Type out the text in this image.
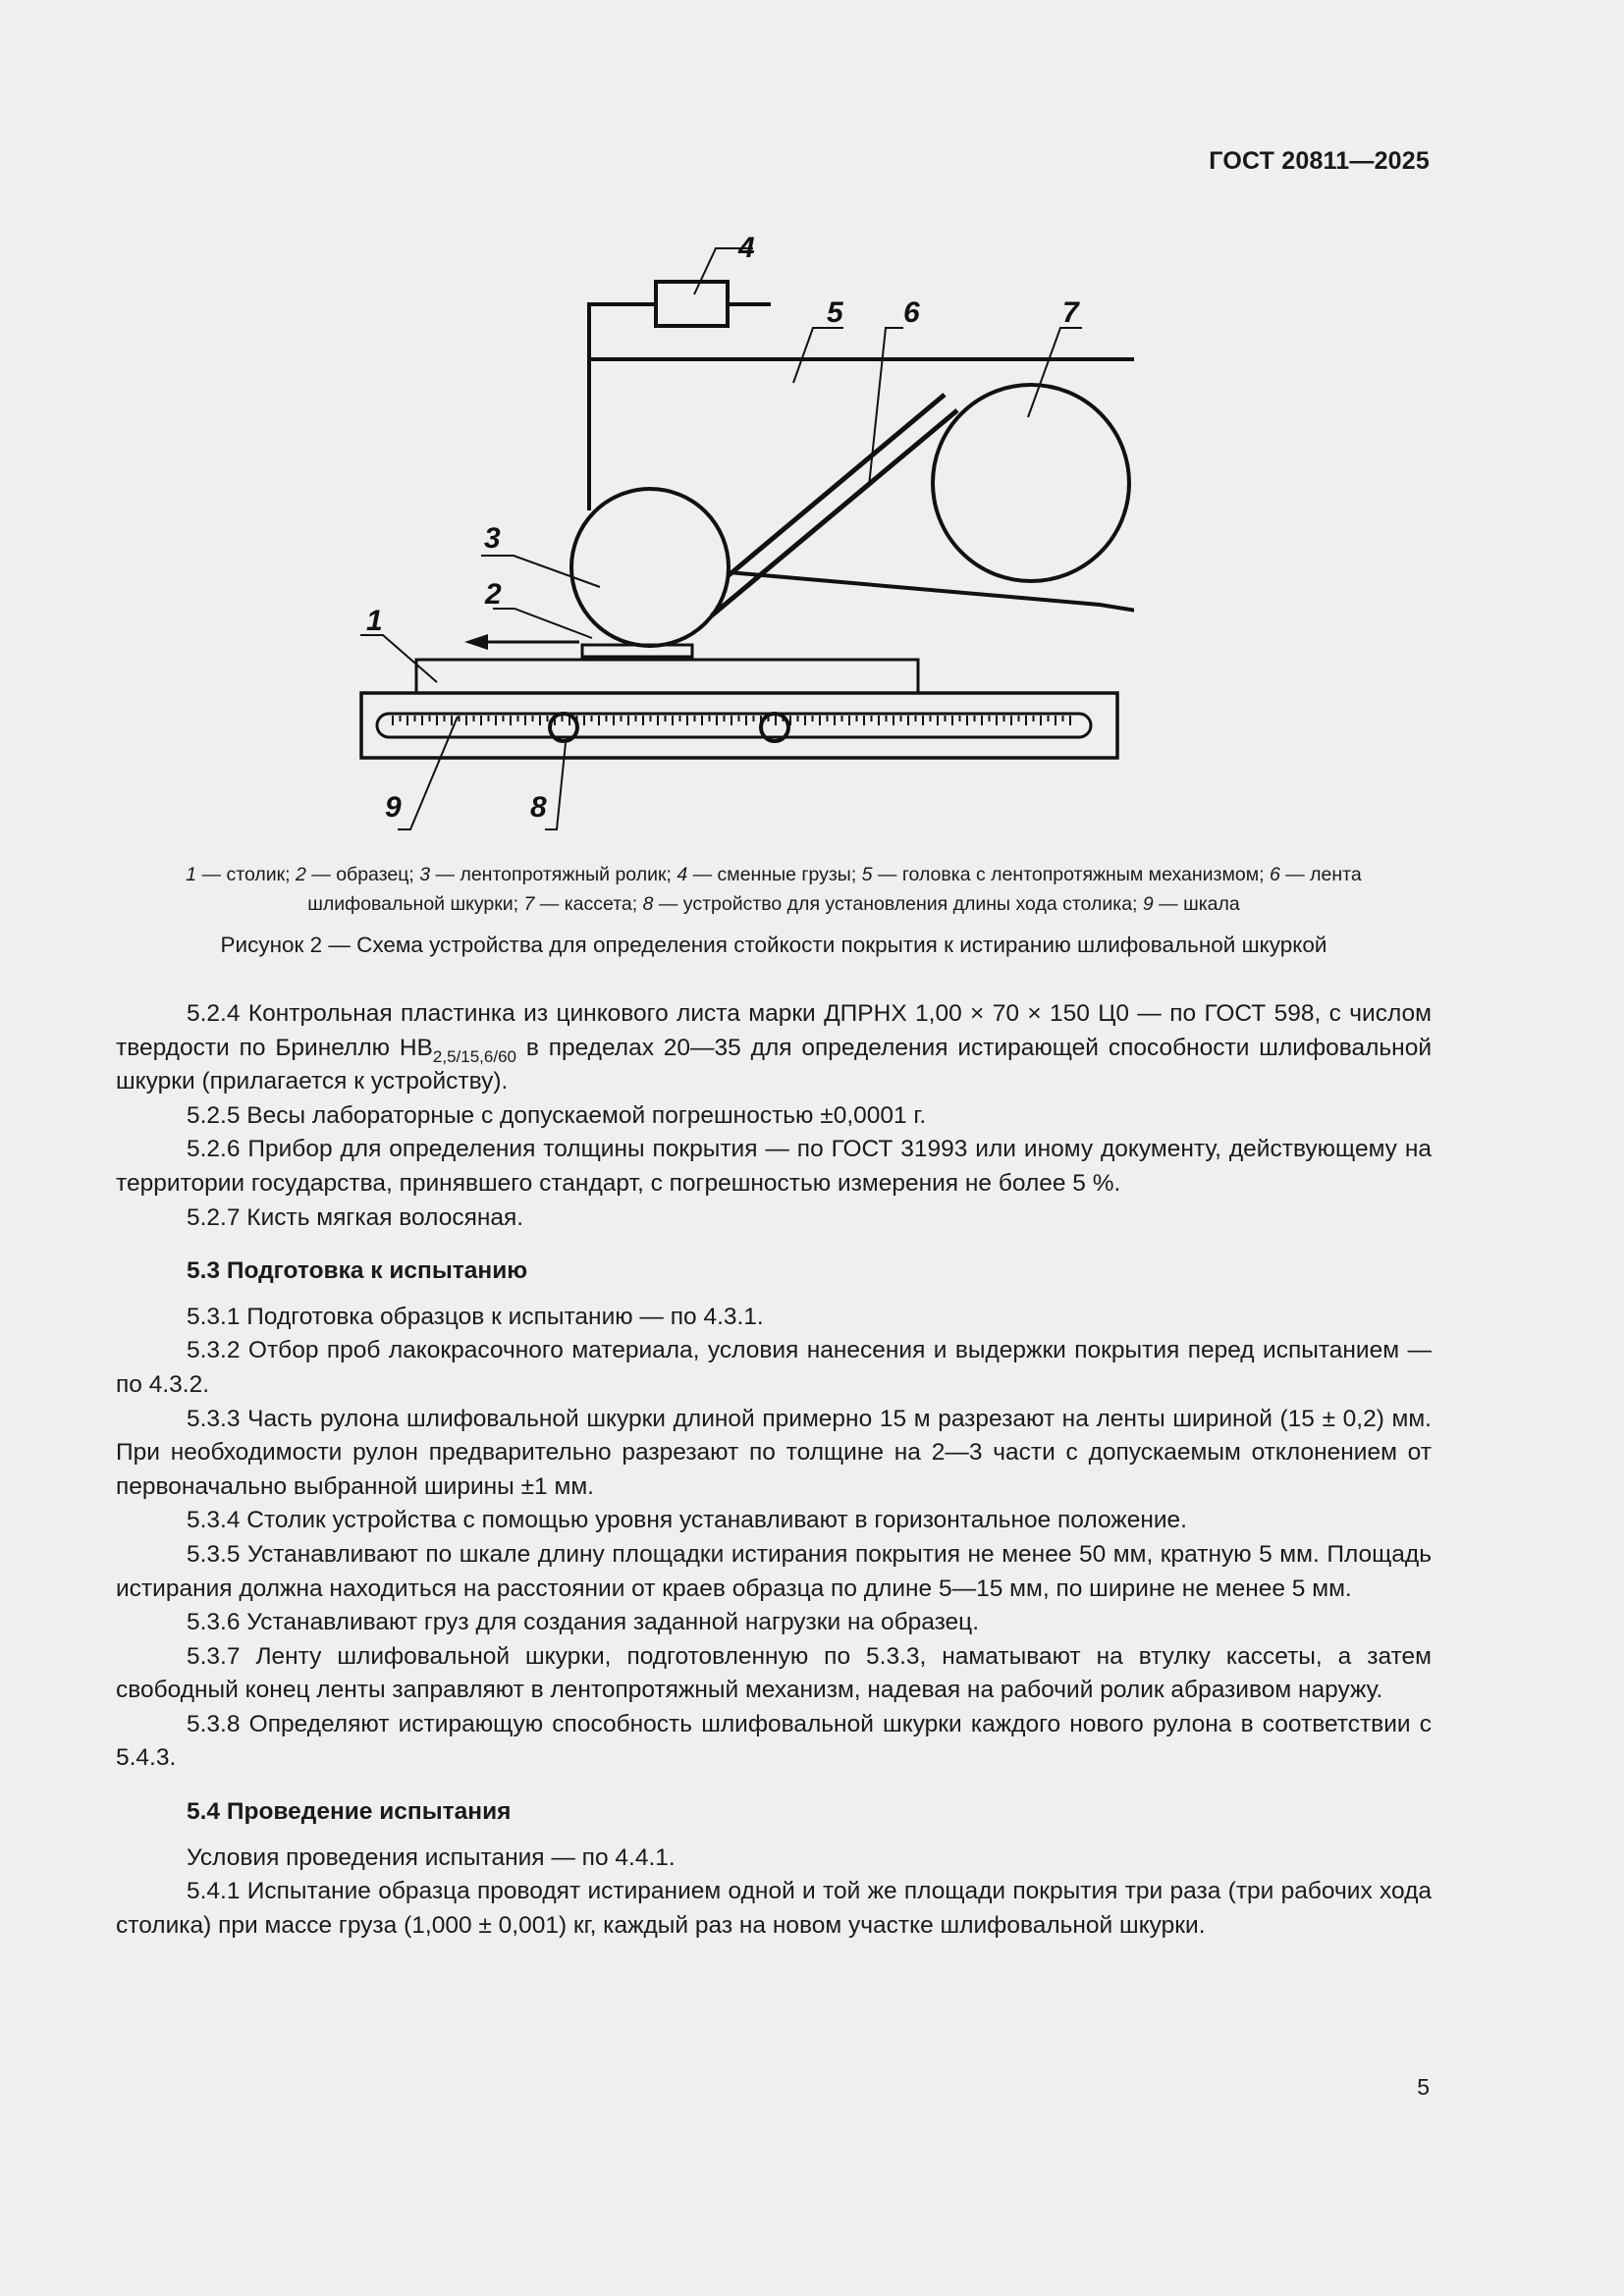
ГОСТ 20811—2025
4
5 6	7
3
2
1
9	8
1 — столик; 2 — образец; 3 — лентопротяжный ролик; 4 — сменные грузы; 5 — головка с лентопротяжным механизмом; 6 — лента шлифовальной шкурки; 7 — кассета; 8 — устройство для установления длины хода столика; 9 — шкала
Рисунок 2 — Схема устройства для определения стойкости покрытия к истиранию шлифовальной шкуркой

5.2.4 Контрольная пластинка из цинкового листа марки ДПРНХ 1,00 × 70 × 150 Ц0 — по ГОСТ 598, с числом твердости по Бринеллю $НВ_{2,5/15,6/60}$ в пределах 20—35 для определения истирающей способности шлифовальной шкурки (прилагается к устройству).

5.2.5 Весы лабораторные с допускаемой погрешностью ±0,0001 г.

5.2.6 Прибор для определения толщины покрытия — по ГОСТ 31993 или иному документу, действующему на территории государства, принявшего стандарт, с погрешностью измерения не более 5 %.

5.2.7 Кисть мягкая волосяная.

5.3 Подготовка к испытанию

5.3.1 Подготовка образцов к испытанию — по 4.3.1.

5.3.2 Отбор проб лакокрасочного материала, условия нанесения и выдержки покрытия перед испытанием — по 4.3.2.

5.3.3 Часть рулона шлифовальной шкурки длиной примерно 15 м разрезают на ленты шириной (15 ± 0,2) мм. При необходимости рулон предварительно разрезают по толщине на 2—3 части с допускаемым отклонением от первоначально выбранной ширины ±1 мм.

5.3.4 Столик устройства с помощью уровня устанавливают в горизонтальное положение.

5.3.5 Устанавливают по шкале длину площадки истирания покрытия не менее 50 мм, кратную 5 мм. Площадь истирания должна находиться на расстоянии от краев образца по длине 5—15 мм, по ширине не менее 5 мм.

5.3.6 Устанавливают груз для создания заданной нагрузки на образец.

5.3.7 Ленту шлифовальной шкурки, подготовленную по 5.3.3, наматывают на втулку кассеты, а затем свободный конец ленты заправляют в лентопротяжный механизм, надевая на рабочий ролик абразивом наружу.

5.3.8 Определяют истирающую способность шлифовальной шкурки каждого нового рулона в соответствии с 5.4.3.

5.4 Проведение испытания

Условия проведения испытания — по 4.4.1.

5.4.1 Испытание образца проводят истиранием одной и той же площади покрытия три раза (три рабочих хода столика) при массе груза (1,000 ± 0,001) кг, каждый раз на новом участке шлифовальной шкурки.

5
